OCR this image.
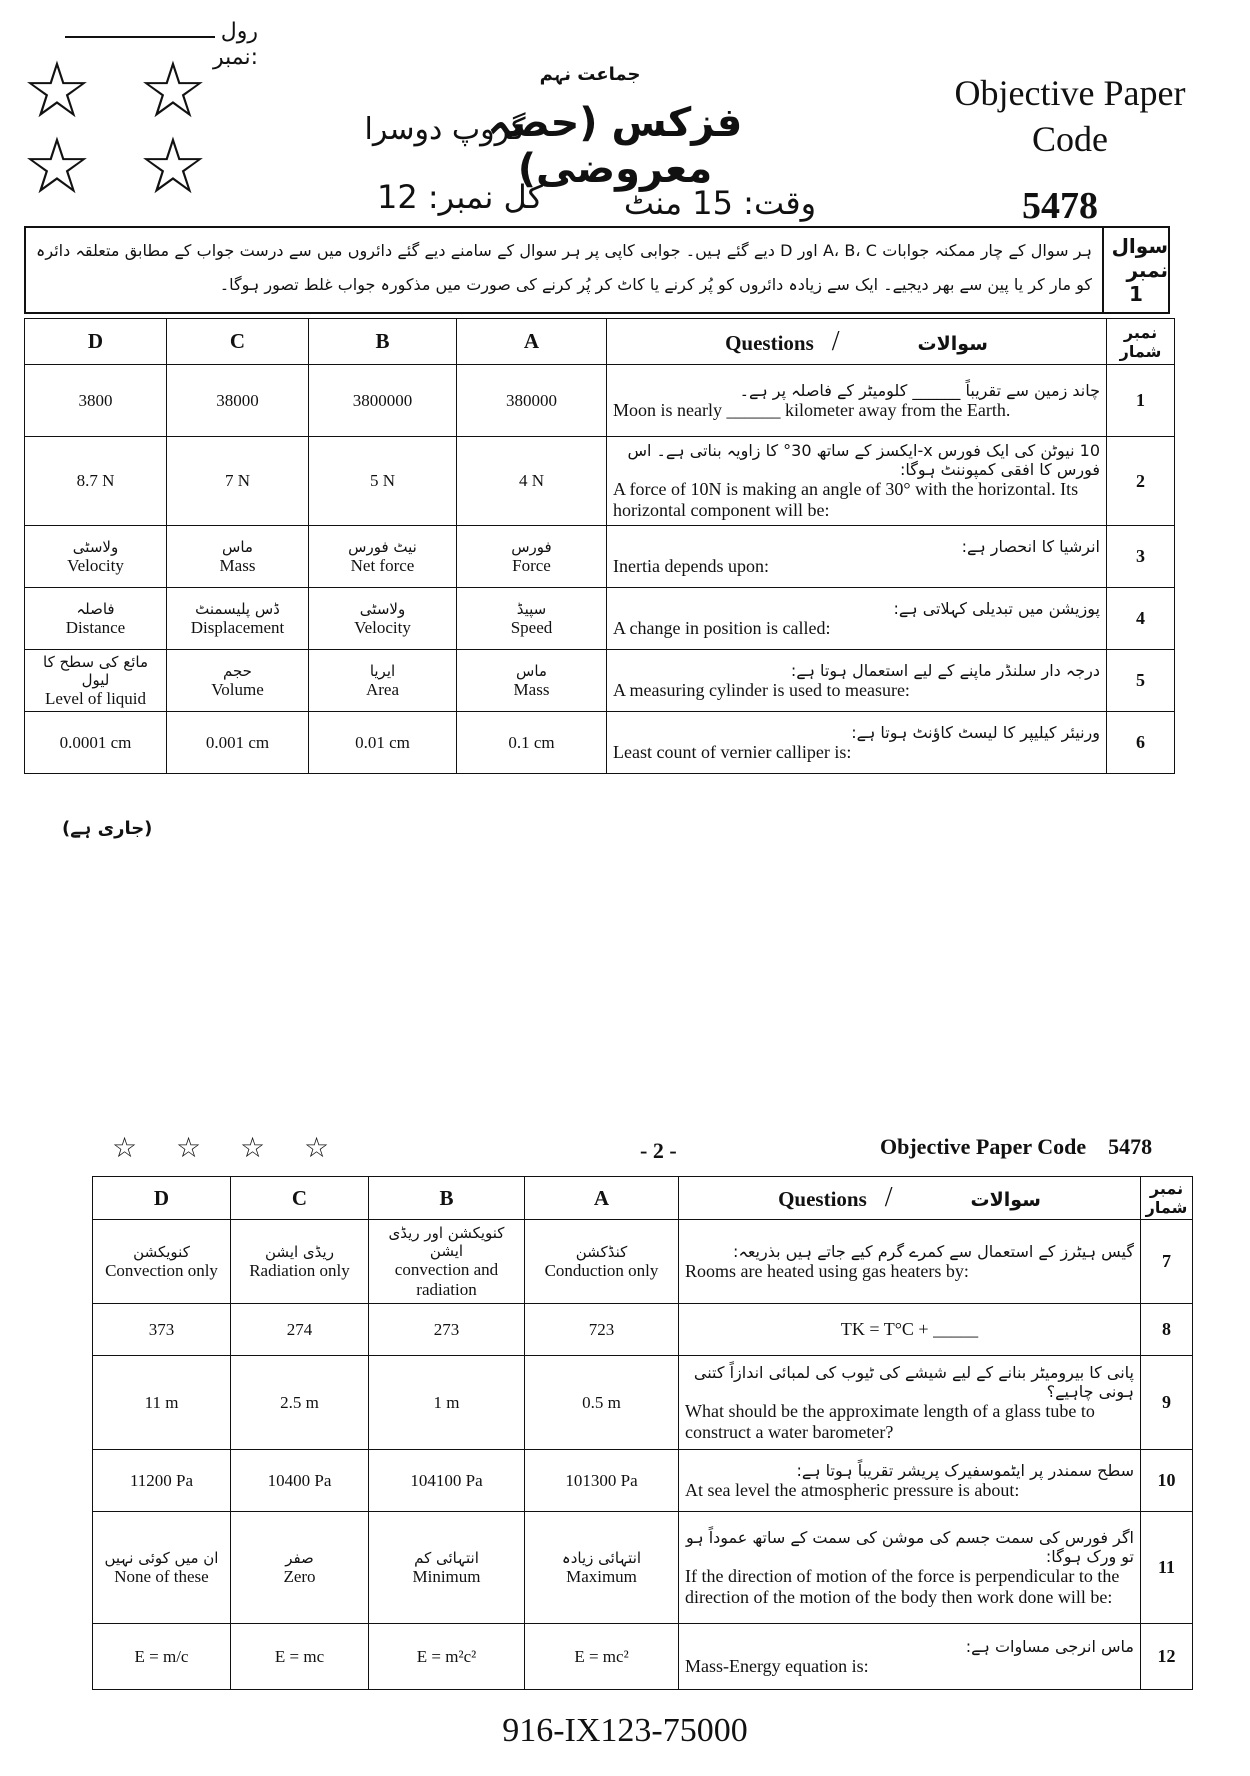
رول نمبر:
☆ ☆
☆ ☆
جماعت نہم
فزکس (حصہ معروضی)
گروپ دوسرا
وقت: 15 منٹ
کل نمبر: 12
Objective Paper Code
5478
ہر سوال کے چار ممکنہ جوابات A، B، C اور D دیے گئے ہیں۔ جوابی کاپی پر ہر سوال کے سامنے دیے گئے دائروں میں سے درست جواب کے مطابق متعلقہ دائرہ کو مار کر یا پین سے بھر دیجیے۔ ایک سے زیادہ دائروں کو پُر کرنے یا کاٹ کر پُر کرنے کی صورت میں مذکورہ جواب غلط تصور ہوگا۔
سوال نمبر
1
D	C	B	A	Questions / سوالات	نمبر شمار

3800	38000	3800000	380000	چاند زمین سے تقریباً ______ کلومیٹر کے فاصلہ پر ہے۔
Moon is nearly ______ kilometer away from the Earth.	1

8.7 N	7 N	5 N	4 N	10 نیوٹن کی ایک فورس x-ایکسز کے ساتھ 30° کا زاویہ بناتی ہے۔ اس فورس کا افقی کمپوننٹ ہوگا:
A force of 10N is making an angle of 30° with the horizontal. Its horizontal component will be:	2

ولاسٹی
Velocity	ماس
Mass	نیٹ فورس
Net force	فورس
Force	انرشیا کا انحصار ہے:
Inertia depends upon:	3

فاصلہ
Distance	ڈس پلیسمنٹ
Displacement	ولاسٹی
Velocity	سپیڈ
Speed	پوزیشن میں تبدیلی کہلاتی ہے:
A change in position is called:	4

مائع کی سطح کا لیول
Level of liquid	حجم
Volume	ایریا
Area	ماس
Mass	درجہ دار سلنڈر ماپنے کے لیے استعمال ہوتا ہے:
A measuring cylinder is used to measure:	5

0.0001 cm	0.001 cm	0.01 cm	0.1 cm	ورنیئر کیلیپر کا لیسٹ کاؤنٹ ہوتا ہے:
Least count of vernier calliper is:	6
(جاری ہے)
☆ ☆ ☆ ☆	- 2 -	Objective Paper Code 5478
D	C	B	A	Questions / سوالات	نمبر شمار

کنویکشن
Convection only	ریڈی ایشن
Radiation only	کنویکشن اور ریڈی ایشن
convection and radiation	کنڈکشن
Conduction only	گیس ہیٹرز کے استعمال سے کمرے گرم کیے جاتے ہیں بذریعہ:
Rooms are heated using gas heaters by:	7

373	274	273	723	TK = T°C + _____	8

11 m	2.5 m	1 m	0.5 m	پانی کا بیرومیٹر بنانے کے لیے شیشے کی ٹیوب کی لمبائی اندازاً کتنی ہونی چاہیے؟
What should be the approximate length of a glass tube to construct a water barometer?	9

11200 Pa	10400 Pa	104100 Pa	101300 Pa	سطح سمندر پر ایٹموسفیرک پریشر تقریباً ہوتا ہے:
At sea level the atmospheric pressure is about:	10

ان میں کوئی نہیں
None of these	صفر
Zero	انتہائی کم
Minimum	انتہائی زیادہ
Maximum	اگر فورس کی سمت جسم کی موشن کی سمت کے ساتھ عموداً ہو تو ورک ہوگا:
If the direction of motion of the force is perpendicular to the direction of the motion of the body then work done will be:	11

E = m/c	E = mc	E = m²c²	E = mc²	ماس انرجی مساوات ہے:
Mass-Energy equation is:	12
916-IX123-75000
